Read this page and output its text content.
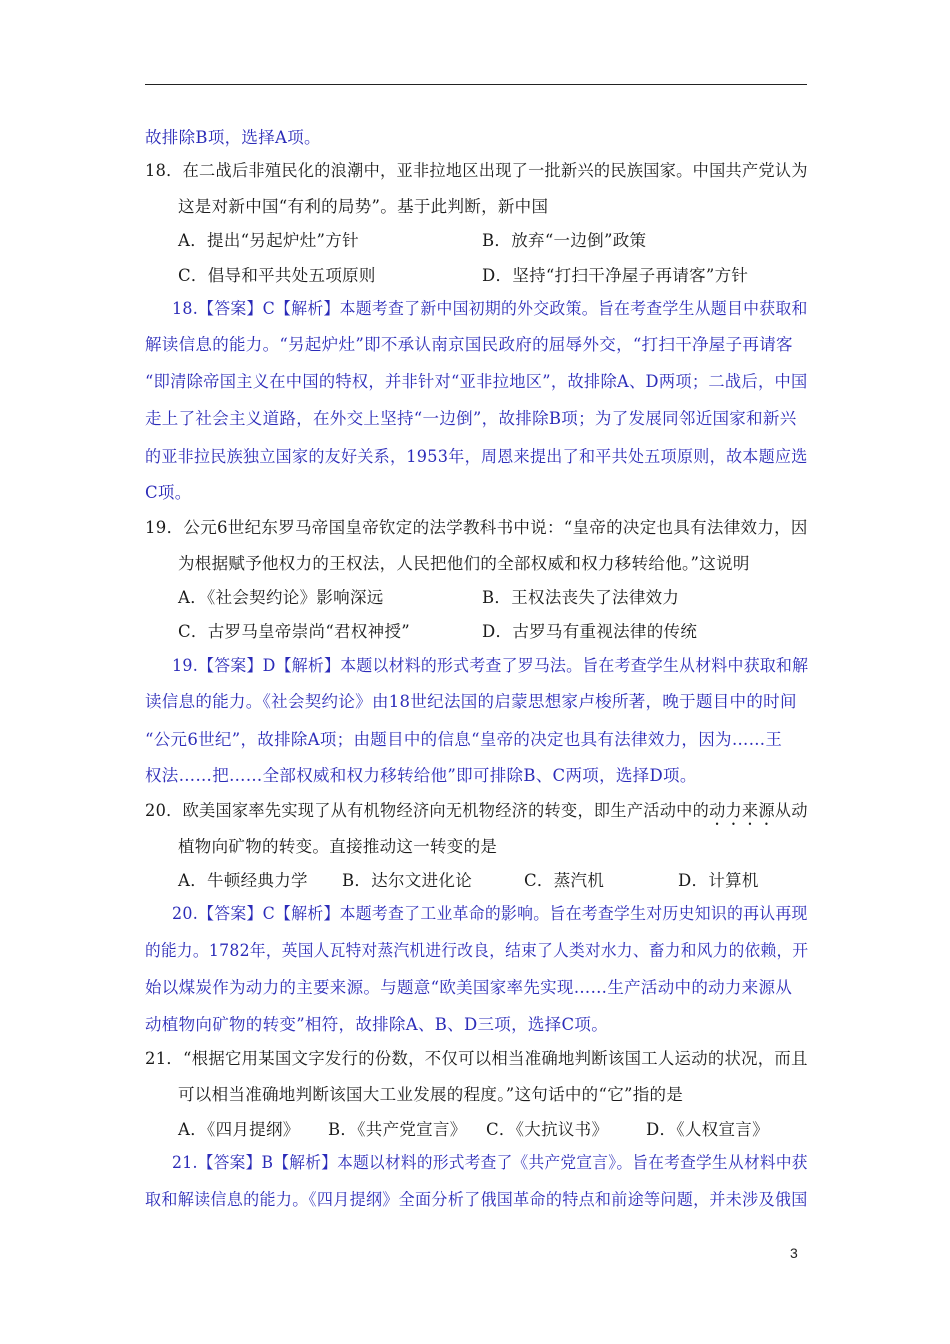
故排除B项，选择A项。
18．在二战后非殖民化的浪潮中，亚非拉地区出现了一批新兴的民族国家。中国共产党认为
这是对新中国“有利的局势”。基于此判断，新中国
A．提出“另起炉灶”方针	B．放弃“一边倒”政策
C．倡导和平共处五项原则	D．坚持“打扫干净屋子再请客”方针
18.【答案】C【解析】本题考查了新中国初期的外交政策。旨在考查学生从题目中获取和
解读信息的能力。“另起炉灶”即不承认南京国民政府的屈辱外交，“打扫干净屋子再请客
“即清除帝国主义在中国的特权，并非针对“亚非拉地区”，故排除A、D两项；二战后，中国
走上了社会主义道路，在外交上坚持“一边倒”，故排除B项；为了发展同邻近国家和新兴
的亚非拉民族独立国家的友好关系，1953年，周恩来提出了和平共处五项原则，故本题应选
C项。
19．公元6世纪东罗马帝国皇帝钦定的法学教科书中说：“皇帝的决定也具有法律效力，因
为根据赋予他权力的王权法，人民把他们的全部权威和权力移转给他。”这说明
A．《社会契约论》影响深远	B．王权法丧失了法律效力
C．古罗马皇帝崇尚“君权神授”	D．古罗马有重视法律的传统
19.【答案】D【解析】本题以材料的形式考查了罗马法。旨在考查学生从材料中获取和解
读信息的能力。《社会契约论》由18世纪法国的启蒙思想家卢梭所著，晚于题目中的时间
“公元6世纪”，故排除A项；由题目中的信息“皇帝的决定也具有法律效力，因为……王
权法……把……全部权威和权力移转给他”即可排除B、C两项，选择D项。
20．欧美国家率先实现了从有机物经济向无机物经济的转变，即生产活动中的动力来源从动
植物向矿物的转变。直接推动这一转变的是
A．牛顿经典力学 B．达尔文进化论	C．蒸汽机	D．计算机
20.【答案】C【解析】本题考查了工业革命的影响。旨在考查学生对历史知识的再认再现
的能力。1782年，英国人瓦特对蒸汽机进行改良，结束了人类对水力、畜力和风力的依赖，开
始以煤炭作为动力的主要来源。与题意“欧美国家率先实现……生产活动中的动力来源从
动植物向矿物的转变”相符，故排除A、B、D三项，选择C项。
21．“根据它用某国文字发行的份数，不仅可以相当准确地判断该国工人运动的状况，而且
可以相当准确地判断该国大工业发展的程度。”这句话中的“它”指的是
A．《四月提纲》 B．《共产党宣言》 C．《大抗议书》 D．《人权宣言》
21.【答案】B【解析】本题以材料的形式考查了《共产党宣言》。旨在考查学生从材料中获
取和解读信息的能力。《四月提纲》全面分析了俄国革命的特点和前途等问题，并未涉及俄国
3
